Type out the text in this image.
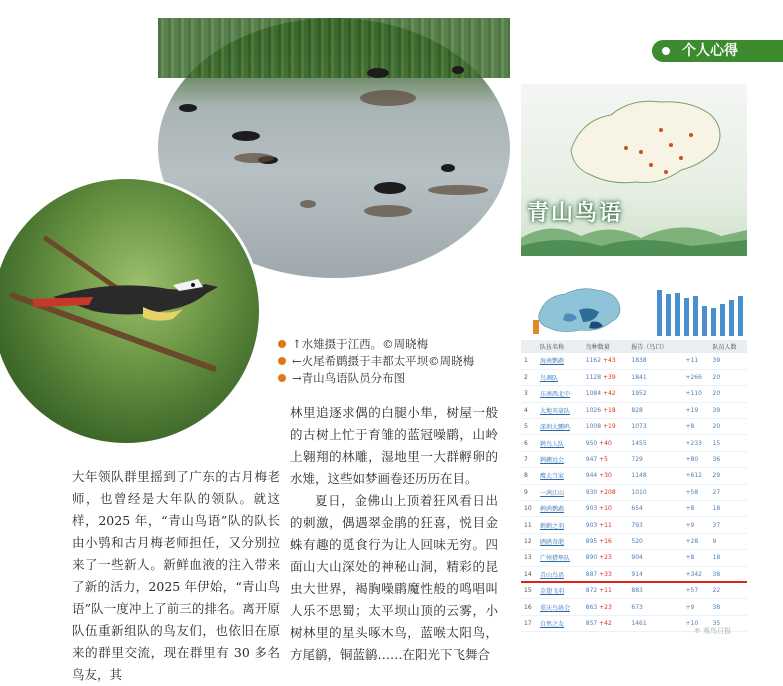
个人心得
↑水雉摄于江西。©周晓梅
←火尾希鹛摄于丰都太平坝©周晓梅
→青山鸟语队员分布图

大年领队群里摇到了广东的古月梅老师，也曾经是大年队的领队。就这样，2025 年，“青山鸟语”队的队长由小鸮和古月梅老师担任，又分别拉来了一些新人。新鲜血液的注入带来了新的活力，2025 年伊始，“青山鸟语”队一度冲上了前三的排名。离开原队伍重新组队的鸟友们，也依旧在原来的群里交流，现在群里有 30 多名鸟友，其

林里追逐求偶的白腿小隼，树屋一般的古树上忙于育雏的蓝冠噪鹛，山岭上翱翔的林雕，湿地里一大群孵卵的水雉，这些如梦画卷还历历在目。

夏日，金佛山上顶着狂风看日出的刺激，偶遇翠金鹃的狂喜，悦目金蛛有趣的觅食行为让人回味无穷。四面山大山深处的神秘山洞，精彩的昆虫大世界，褐胸噪鹛魔性般的鸣唱叫人乐不思蜀；太平坝山顶的云雾，小树林里的星头啄木鸟，蓝喉太阳鸟，方尾鹟，铜蓝鹟……在阳光下飞舞合

青山鸟语
	队伍名称	鸟种数量	报告（鸟口）		队员人数
1	海南鹦鹉	1162 +43	1838	+11	39
2	鸟调队	1128 +39	1841	+266	20
3	东南西北中	1084 +42	1952	+110	20
4	大地英豪队	1026 +18	828	+19	39
5	深圳大鹏鸣	1008 +19	1073	+8	20
6	鹈鸟人队	950 +40	1455	+233	15
7	鹈鹕远会	947 +5	729	+80	36
8	鹰大当家	944 +30	1148	+612	29
9	一鸿江山	930 +208	1010	+58	27
10	鹌鹑鹦鹉	903 +10	654	+8	18
11	鹤鹤之羽	903 +11	793	+9	37
12	鸥鸥奇葩	895 +16	520	+28	9
13	广州猎隼队	890 +23	904	+8	18
14	青山鸟语	887 +33	914	+342	38
15	金翅飞羽	872 +11	883	+57	22
16	重庆鸟协会	863 +23	673	+9	38
17	自然之友	857 +42	1461	+10	35
℗ 观鸟日报
